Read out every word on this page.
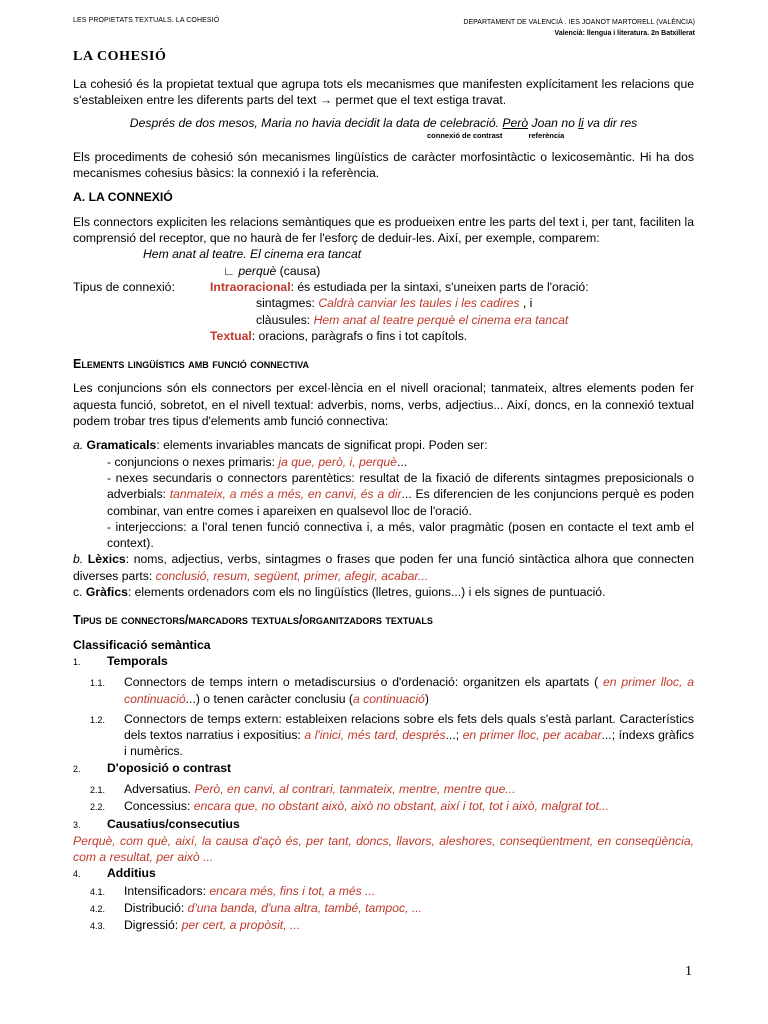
LES PROPIETATS TEXTUALS. LA COHESIÓ	DEPARTAMENT DE VALENCIÀ . IES JOANOT MARTORELL (VALÈNCIA)
Valencià: llengua i literatura. 2n Batxillerat
LA COHESIÓ

La cohesió és la propietat textual que agrupa tots els mecanismes que manifesten explícitament les relacions que s'estableixen entre les diferents parts del text → permet que el text estiga travat.

Després de dos mesos, Maria no havia decidit la data de celebració. Però Joan no li va dir res

connexió de contrast	referència

Els procediments de cohesió són mecanismes lingüístics de caràcter morfosintàctic o lexicosemàntic. Hi ha dos mecanismes cohesius bàsics: la connexió i la referència.

A. LA CONNEXIÓ

Els connectors expliciten les relacions semàntiques que es produeixen entre les parts del text i, per tant, faciliten la comprensió del receptor, que no haurà de fer l'esforç de deduir-les. Així, per exemple, comparem:

Hem anat al teatre. El cinema era tancat

∟ perquè (causa)

Tipus de connexió:	Intraoracional: és estudiada per la sintaxi, s'uneixen parts de l'oració:

sintagmes: Caldrà canviar les taules i les cadires , i

clàusules: Hem anat al teatre perquè el cinema era tancat

Textual: oracions, paràgrafs o fins i tot capítols.

Elements lingüístics amb funció connectiva

Les conjuncions són els connectors per excel·lència en el nivell oracional; tanmateix, altres elements poden fer aquesta funció, sobretot, en el nivell textual: adverbis, noms, verbs, adjectius... Així, doncs, en la connexió textual podem trobar tres tipus d'elements amb funció connectiva:

a. Gramaticals: elements invariables mancats de significat propi. Poden ser:

- conjuncions o nexes primaris: ja que, però, i, perquè...

- nexes secundaris o connectors parentètics: resultat de la fixació de diferents sintagmes preposicionals o adverbials: tanmateix, a més a més, en canvi, és a dir... Es diferencien de les conjuncions perquè es poden combinar, van entre comes i apareixen en qualsevol lloc de l'oració.

- interjeccions: a l'oral tenen funció connectiva i, a més, valor pragmàtic (posen en contacte el text amb el context).

b. Lèxics: noms, adjectius, verbs, sintagmes o frases que poden fer una funció sintàctica alhora que connecten diverses parts: conclusió, resum, següent, primer, afegir, acabar...

c. Gràfics: elements ordenadors com els no lingüístics (lletres, guions...) i els signes de puntuació.

Tipus de connectors/marcadors textuals/organitzadors textuals

Classificació semàntica

1.	Temporals
1.1.	Connectors de temps intern o metadiscursius o d'ordenació: organitzen els apartats ( en primer lloc, a continuació...) o tenen caràcter conclusiu (a continuació)
1.2.	Connectors de temps extern: estableixen relacions sobre els fets dels quals s'està parlant. Característics dels textos narratius i expositius: a l'inici, més tard, després...; en primer lloc, per acabar...; índexs gràfics i numèrics.
2.	D'oposició o contrast
2.1.	Adversatius. Però, en canvi, al contrari, tanmateix, mentre, mentre que...
2.2.	Concessius: encara que, no obstant això, això no obstant, així i tot, tot i això, malgrat tot...
3.	Causatius/consecutius

Perquè, com què, així, la causa d'açò és, per tant, doncs, llavors, aleshores, conseqüentment, en conseqüència, com a resultat, per això ...

4.	Additius
4.1.	Intensificadors: encara més, fins i tot, a més ...
4.2.	Distribució: d'una banda, d'una altra, també, tampoc, ...
4.3.	Digressió: per cert, a propòsit, ...
1
